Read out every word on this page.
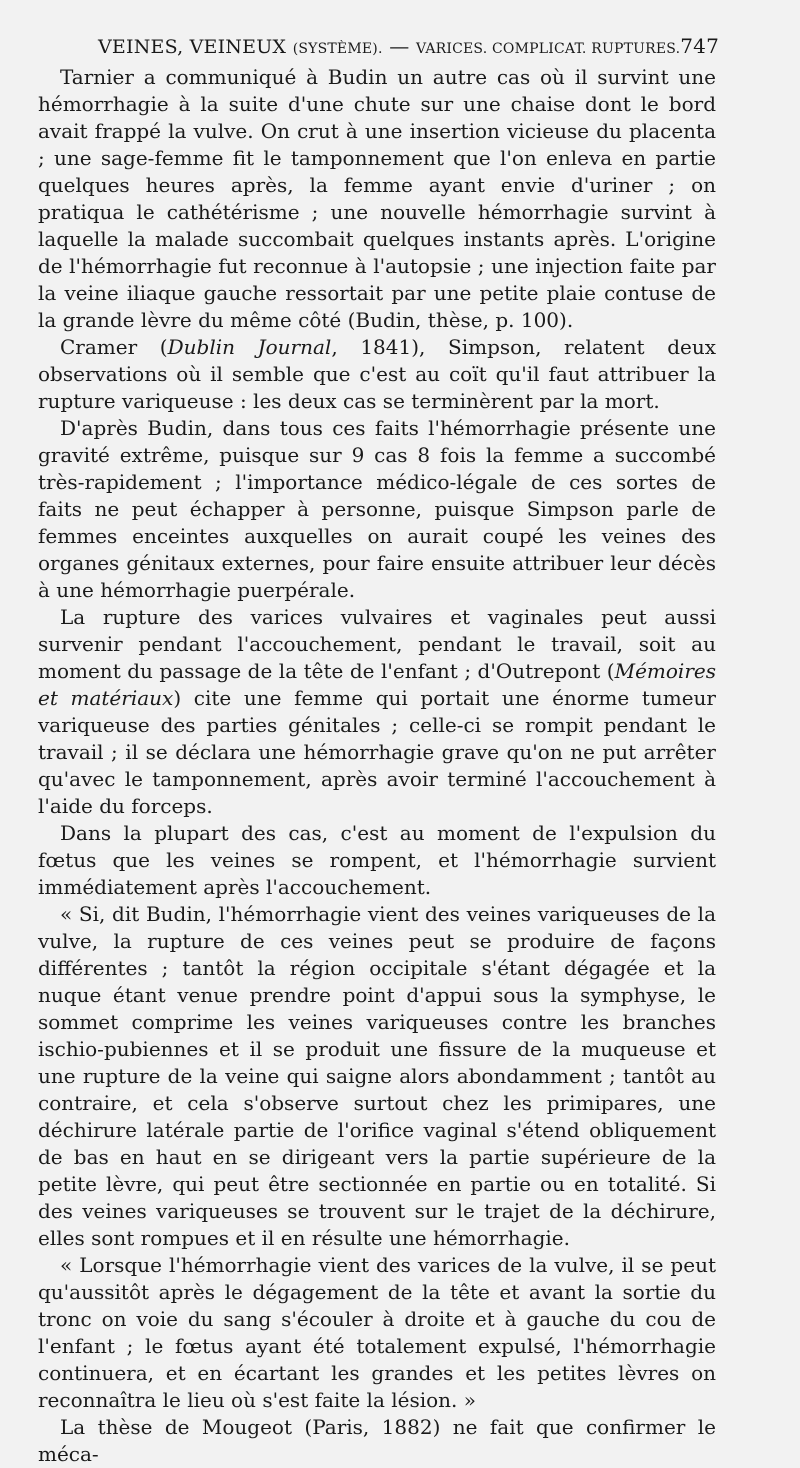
VEINES, VEINEUX (SYSTÈME). — VARICES. COMPLICAT. RUPTURES. 747

Tarnier a communiqué à Budin un autre cas où il survint une hémorrhagie à la suite d'une chute sur une chaise dont le bord avait frappé la vulve. On crut à une insertion vicieuse du placenta ; une sage-femme fit le tamponnement que l'on enleva en partie quelques heures après, la femme ayant envie d'uriner ; on pratiqua le cathétérisme ; une nouvelle hémorrhagie survint à laquelle la malade succombait quelques instants après. L'origine de l'hémorrhagie fut reconnue à l'autopsie ; une injection faite par la veine iliaque gauche ressortait par une petite plaie contuse de la grande lèvre du même côté (Budin, thèse, p. 100).

Cramer (Dublin Journal, 1841), Simpson, relatent deux observations où il semble que c'est au coït qu'il faut attribuer la rupture variqueuse : les deux cas se terminèrent par la mort.

D'après Budin, dans tous ces faits l'hémorrhagie présente une gravité extrême, puisque sur 9 cas 8 fois la femme a succombé très-rapidement ; l'importance médico-légale de ces sortes de faits ne peut échapper à personne, puisque Simpson parle de femmes enceintes auxquelles on aurait coupé les veines des organes génitaux externes, pour faire ensuite attribuer leur décès à une hémorrhagie puerpérale.

La rupture des varices vulvaires et vaginales peut aussi survenir pendant l'accouchement, pendant le travail, soit au moment du passage de la tête de l'enfant ; d'Outrepont (Mémoires et matériaux) cite une femme qui portait une énorme tumeur variqueuse des parties génitales ; celle-ci se rompit pendant le travail ; il se déclara une hémorrhagie grave qu'on ne put arrêter qu'avec le tamponnement, après avoir terminé l'accouchement à l'aide du forceps.

Dans la plupart des cas, c'est au moment de l'expulsion du fœtus que les veines se rompent, et l'hémorrhagie survient immédiatement après l'accouchement.

« Si, dit Budin, l'hémorrhagie vient des veines variqueuses de la vulve, la rupture de ces veines peut se produire de façons différentes ; tantôt la région occipitale s'étant dégagée et la nuque étant venue prendre point d'appui sous la symphyse, le sommet comprime les veines variqueuses contre les branches ischio-pubiennes et il se produit une fissure de la muqueuse et une rupture de la veine qui saigne alors abondamment ; tantôt au contraire, et cela s'observe surtout chez les primipares, une déchirure latérale partie de l'orifice vaginal s'étend obliquement de bas en haut en se dirigeant vers la partie supérieure de la petite lèvre, qui peut être sectionnée en partie ou en totalité. Si des veines variqueuses se trouvent sur le trajet de la déchirure, elles sont rompues et il en résulte une hémorrhagie.

« Lorsque l'hémorrhagie vient des varices de la vulve, il se peut qu'aussitôt après le dégagement de la tête et avant la sortie du tronc on voie du sang s'écouler à droite et à gauche du cou de l'enfant ; le fœtus ayant été totalement expulsé, l'hémorrhagie continuera, et en écartant les grandes et les petites lèvres on reconnaîtra le lieu où s'est faite la lésion. »

La thèse de Mougeot (Paris, 1882) ne fait que confirmer le méca-
